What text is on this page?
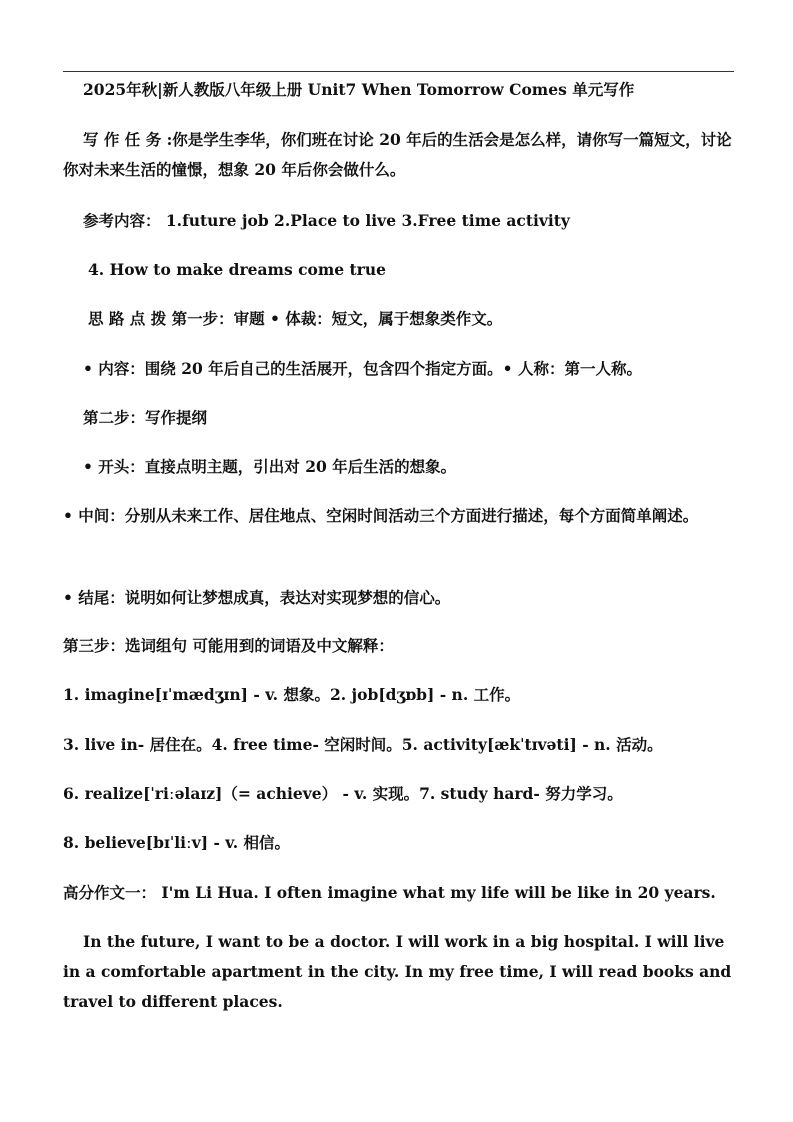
2025年秋|新人教版八年级上册 Unit7 When Tomorrow Comes 单元写作
写 作 任 务 :你是学生李华，你们班在讨论 20 年后的生活会是怎么样，请你写一篇短文，讨论你对未来生活的憧憬，想象 20 年后你会做什么。
参考内容： 1.future job 2.Place to live 3.Free time activity
4. How to make dreams come true
思 路 点 拨 第一步：审题 • 体裁：短文，属于想象类作文。
• 内容：围绕 20 年后自己的生活展开，包含四个指定方面。• 人称：第一人称。
第二步：写作提纲
• 开头：直接点明主题，引出对 20 年后生活的想象。
• 中间：分别从未来工作、居住地点、空闲时间活动三个方面进行描述，每个方面简单阐述。
• 结尾：说明如何让梦想成真，表达对实现梦想的信心。
第三步：选词组句 可能用到的词语及中文解释：
1. imagine[ɪˈmædʒɪn] - v. 想象。2. job[dʒɒb] - n. 工作。
3. live in- 居住在。4. free time- 空闲时间。5. activity[ækˈtɪvəti] - n. 活动。
6. realize[ˈriːəlaɪz]（= achieve） - v. 实现。7. study hard- 努力学习。
8. believe[bɪˈliːv] - v. 相信。
高分作文一： I'm Li Hua. I often imagine what my life will be like in 20 years.
In the future, I want to be a doctor. I will work in a big hospital. I will live in a comfortable apartment in the city. In my free time, I will read books and travel to different places.
